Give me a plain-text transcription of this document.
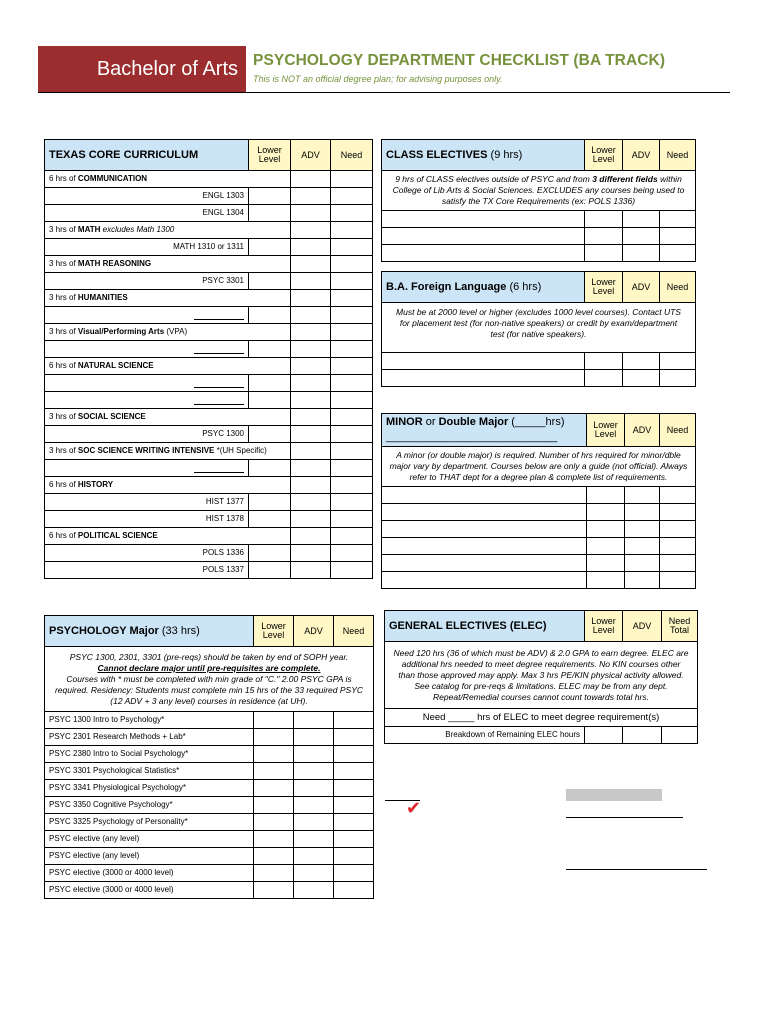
Bachelor of Arts PSYCHOLOGY DEPARTMENT CHECKLIST (BA TRACK)
This is NOT an official degree plan; for advising purposes only.
TEXAS CORE CURRICULUM	Lower Level	ADV	Need
6 hrs of COMMUNICATION			
ENGL 1303			
ENGL 1304			
3 hrs of MATH excludes Math 1300			
MATH 1310 or 1311			
3 hrs of MATH REASONING			
PSYC 3301			
3 hrs of HUMANITIES			

3 hrs of Visual/Performing Arts (VPA)			

6 hrs of NATURAL SCIENCE			

3 hrs of SOCIAL SCIENCE			
PSYC 1300			
3 hrs of SOC SCIENCE WRITING INTENSIVE *(UH Specific)			

6 hrs of HISTORY			
HIST 1377			
HIST 1378			
6 hrs of POLITICAL SCIENCE			
POLS 1336			
POLS 1337			
CLASS ELECTIVES (9 hrs)	Lower Level	ADV	Need
9 hrs of CLASS electives outside of PSYC and from 3 different fields within College of Lib Arts & Social Sciences. EXCLUDES any courses being used to satisfy the TX Core Requirements (ex: POLS 1336)			

B.A. Foreign Language (6 hrs)	Lower Level	ADV	Need
Must be at 2000 level or higher (excludes 1000 level courses). Contact UTS for placement test (for non-native speakers) or credit by exam/department test (for native speakers).			

MINOR or Double Major (_____hrs)
____________________________	Lower Level	ADV	Need
A minor (or double major) is required. Number of hrs required for minor/dble major vary by department. Courses below are only a guide (not official). Always refer to THAT dept for a degree plan & complete list of requirements.			

PSYCHOLOGY Major (33 hrs)	Lower Level	ADV	Need
PSYC 1300, 2301, 3301 (pre-reqs) should be taken by end of SOPH year.
Cannot declare major until pre-requisites are complete.
Courses with * must be completed with min grade of "C." 2.00 PSYC GPA is required. Residency: Students must complete min 15 hrs of the 33 required PSYC (12 ADV + 3 any level) courses in residence (at UH).			
PSYC 1300 Intro to Psychology*			
PSYC 2301 Research Methods + Lab*			
PSYC 2380 Intro to Social Psychology*			
PSYC 3301 Psychological Statistics*			
PSYC 3341 Physiological Psychology*			
PSYC 3350 Cognitive Psychology*			
PSYC 3325 Psychology of Personality*			
PSYC elective (any level)			
PSYC elective (any level)			
PSYC elective (3000 or 4000 level)			
PSYC elective (3000 or 4000 level)			
GENERAL ELECTIVES (ELEC)	Lower Level	ADV	Need Total
Need 120 hrs (36 of which must be ADV) & 2.0 GPA to earn degree. ELEC are additional hrs needed to meet degree requirements. No KIN courses other than those approved may apply. Max 3 hrs PE/KIN physical activity allowed. See catalog for pre-reqs & limitations. ELEC may be from any dept. Repeat/Remedial courses cannot count towards total hrs.			
Need _____ hrs of ELEC to meet degree requirement(s)			
Breakdown of Remaining ELEC hours			
✔
